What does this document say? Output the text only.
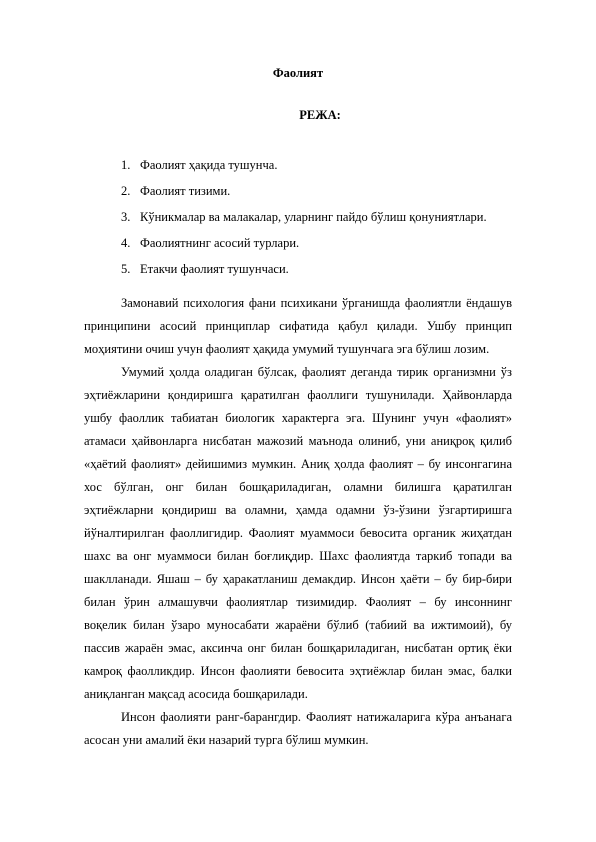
Фаолият
РЕЖА:
1. Фаолият ҳақида тушунча.
2. Фаолият тизими.
3. Кўникмалар ва малакалар, уларнинг пайдо бўлиш қонуниятлари.
4. Фаолиятнинг асосий турлари.
5. Етакчи фаолият тушунчаси.

Замонавий психология фани психикани ўрганишда фаолиятли ёндашув принципини асосий принциплар сифатида қабул қилади. Ушбу принцип моҳиятини очиш учун фаолият ҳақида умумий тушунчага эга бўлиш лозим.

Умумий ҳолда оладиган бўлсак, фаолият деганда тирик организмни ўз эҳтиёжларини қондиришга қаратилган фаоллиги тушунилади. Ҳайвонларда ушбу фаоллик табиатан биологик характерга эга. Шунинг учун «фаолият» атамаси ҳайвонларга нисбатан мажозий маънода олиниб, уни аниқроқ қилиб «ҳаётий фаолият» дейишимиз мумкин. Аниқ ҳолда фаолият – бу инсонгагина хос бўлган, онг билан бошқариладиган, оламни билишга қаратилган эҳтиёжларни қондириш ва оламни, ҳамда одамни ўз-ўзини ўзгартиришга йўналтирилган фаоллигидир. Фаолият муаммоси бевосита органик жиҳатдан шахс ва онг муаммоси билан боғлиқдир. Шахс фаолиятда таркиб топади ва шаклланади. Яшаш – бу ҳаракатланиш демакдир. Инсон ҳаёти – бу бир-бири билан ўрин алмашувчи фаолиятлар тизимидир. Фаолият – бу инсоннинг воқелик билан ўзаро муносабати жараёни бўлиб (табиий ва ижтимоий), бу пассив жараён эмас, аксинча онг билан бошқариладиган, нисбатан ортиқ ёки камроқ фаолликдир. Инсон фаолияти бевосита эҳтиёжлар билан эмас, балки аниқланган мақсад асосида бошқарилади.

Инсон фаолияти ранг-барангдир. Фаолият натижаларига кўра анъанага асосан уни амалий ёки назарий турга бўлиш мумкин.
